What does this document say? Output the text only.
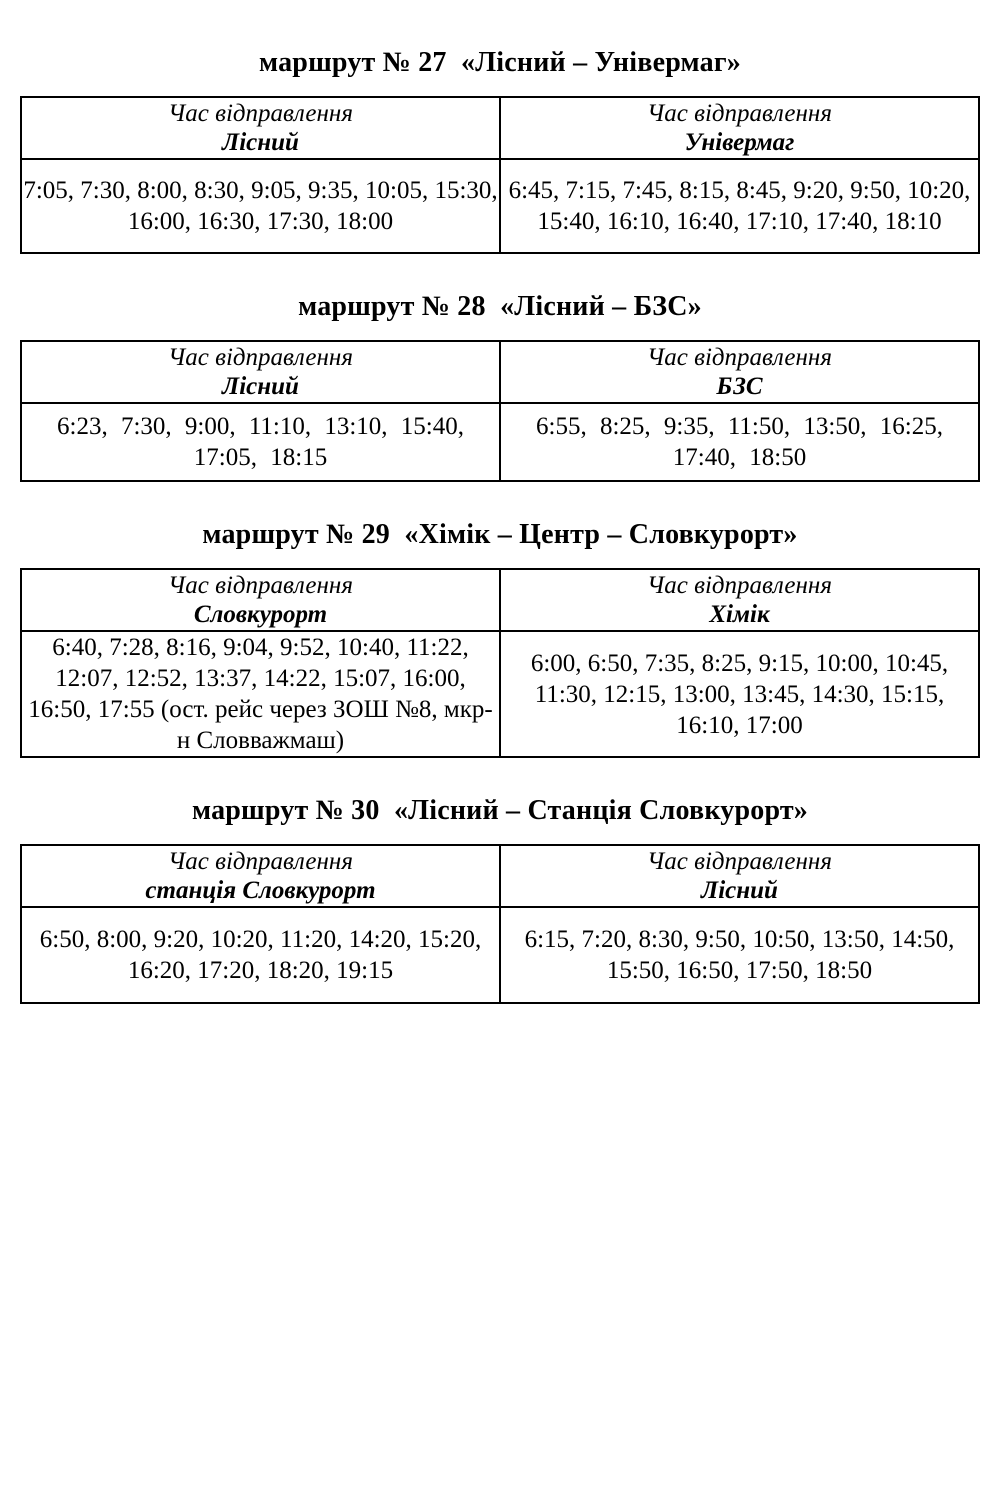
маршрут № 27  «Лісний – Універмаг»
Час відправлення
Лісний

Час відправлення
Універмаг

7:05, 7:30, 8:00, 8:30, 9:05, 9:35, 10:05, 15:30, 16:00, 16:30, 17:30, 18:00	6:45, 7:15, 7:45, 8:15, 8:45, 9:20, 9:50, 10:20, 15:40, 16:10, 16:40, 17:10, 17:40, 18:10
маршрут № 28  «Лісний – БЗС»
Час відправлення
Лісний

Час відправлення
БЗС

6:23, 7:30, 9:00, 11:10, 13:10, 15:40, 17:05, 18:15	6:55, 8:25, 9:35, 11:50, 13:50, 16:25, 17:40, 18:50
маршрут № 29  «Хімік – Центр – Словкурорт»
Час відправлення
Словкурорт

Час відправлення
Хімік

6:40, 7:28, 8:16, 9:04, 9:52, 10:40, 11:22, 12:07, 12:52, 13:37, 14:22, 15:07, 16:00, 16:50, 17:55 (ост. рейс через ЗОШ №8, мкр-н Словважмаш)	6:00, 6:50, 7:35, 8:25, 9:15, 10:00, 10:45, 11:30, 12:15, 13:00, 13:45, 14:30, 15:15, 16:10, 17:00
маршрут № 30  «Лісний – Станція Словкурорт»
Час відправлення
станція Словкурорт

Час відправлення
Лісний

6:50, 8:00, 9:20, 10:20, 11:20, 14:20, 15:20, 16:20, 17:20, 18:20, 19:15	6:15, 7:20, 8:30, 9:50, 10:50, 13:50, 14:50, 15:50, 16:50, 17:50, 18:50
